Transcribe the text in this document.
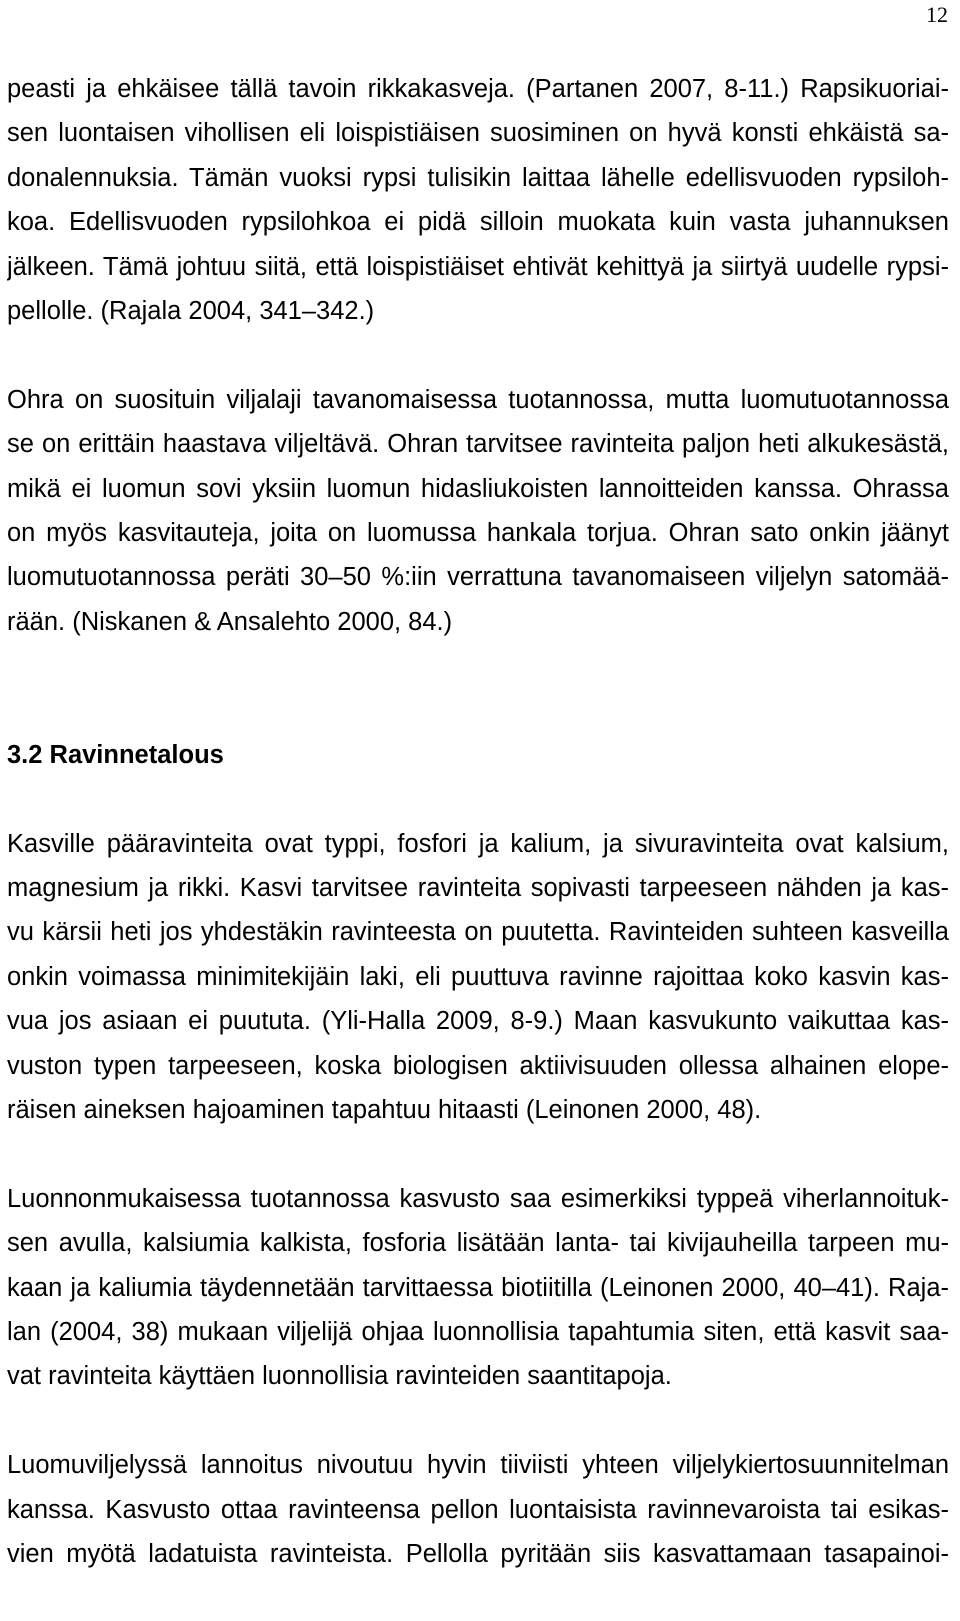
12
peasti ja ehkäisee tällä tavoin rikkakasveja. (Partanen 2007, 8-11.) Rapsikuoriai-
sen luontaisen vihollisen eli loispistiäisen suosiminen on hyvä konsti ehkäistä sa-
donalennuksia. Tämän vuoksi rypsi tulisikin laittaa lähelle edellisvuoden rypsiloh-
koa. Edellisvuoden rypsilohkoa ei pidä silloin muokata kuin vasta juhannuksen
jälkeen. Tämä johtuu siitä, että loispistiäiset ehtivät kehittyä ja siirtyä uudelle rypsi-
pellolle. (Rajala 2004, 341–342.)
Ohra on suosituin viljalaji tavanomaisessa tuotannossa, mutta luomutuotannossa
se on erittäin haastava viljeltävä. Ohran tarvitsee ravinteita paljon heti alkukesästä,
mikä ei luomun sovi yksiin luomun hidasliukoisten lannoitteiden kanssa. Ohrassa
on myös kasvitauteja, joita on luomussa hankala torjua. Ohran sato onkin jäänyt
luomutuotannossa peräti 30–50 %:iin verrattuna tavanomaiseen viljelyn satomää-
rään. (Niskanen & Ansalehto 2000, 84.)
3.2 Ravinnetalous
Kasville pääravinteita ovat typpi, fosfori ja kalium, ja sivuravinteita ovat kalsium,
magnesium ja rikki. Kasvi tarvitsee ravinteita sopivasti tarpeeseen nähden ja kas-
vu kärsii heti jos yhdestäkin ravinteesta on puutetta. Ravinteiden suhteen kasveilla
onkin voimassa minimitekijäin laki, eli puuttuva ravinne rajoittaa koko kasvin kas-
vua jos asiaan ei puututa. (Yli-Halla 2009, 8-9.) Maan kasvukunto vaikuttaa kas-
vuston typen tarpeeseen, koska biologisen aktiivisuuden ollessa alhainen elope-
räisen aineksen hajoaminen tapahtuu hitaasti (Leinonen 2000, 48).
Luonnonmukaisessa tuotannossa kasvusto saa esimerkiksi typpeä viherlannoituk-
sen avulla, kalsiumia kalkista, fosforia lisätään lanta- tai kivijauheilla tarpeen mu-
kaan ja kaliumia täydennetään tarvittaessa biotiitilla (Leinonen 2000, 40–41). Raja-
lan (2004, 38) mukaan viljelijä ohjaa luonnollisia tapahtumia siten, että kasvit saa-
vat ravinteita käyttäen luonnollisia ravinteiden saantitapoja.
Luomuviljelyssä lannoitus nivoutuu hyvin tiiviisti yhteen viljelykiertosuunnitelman
kanssa. Kasvusto ottaa ravinteensa pellon luontaisista ravinnevaroista tai esikas-
vien myötä ladatuista ravinteista. Pellolla pyritään siis kasvattamaan tasapainoi-
